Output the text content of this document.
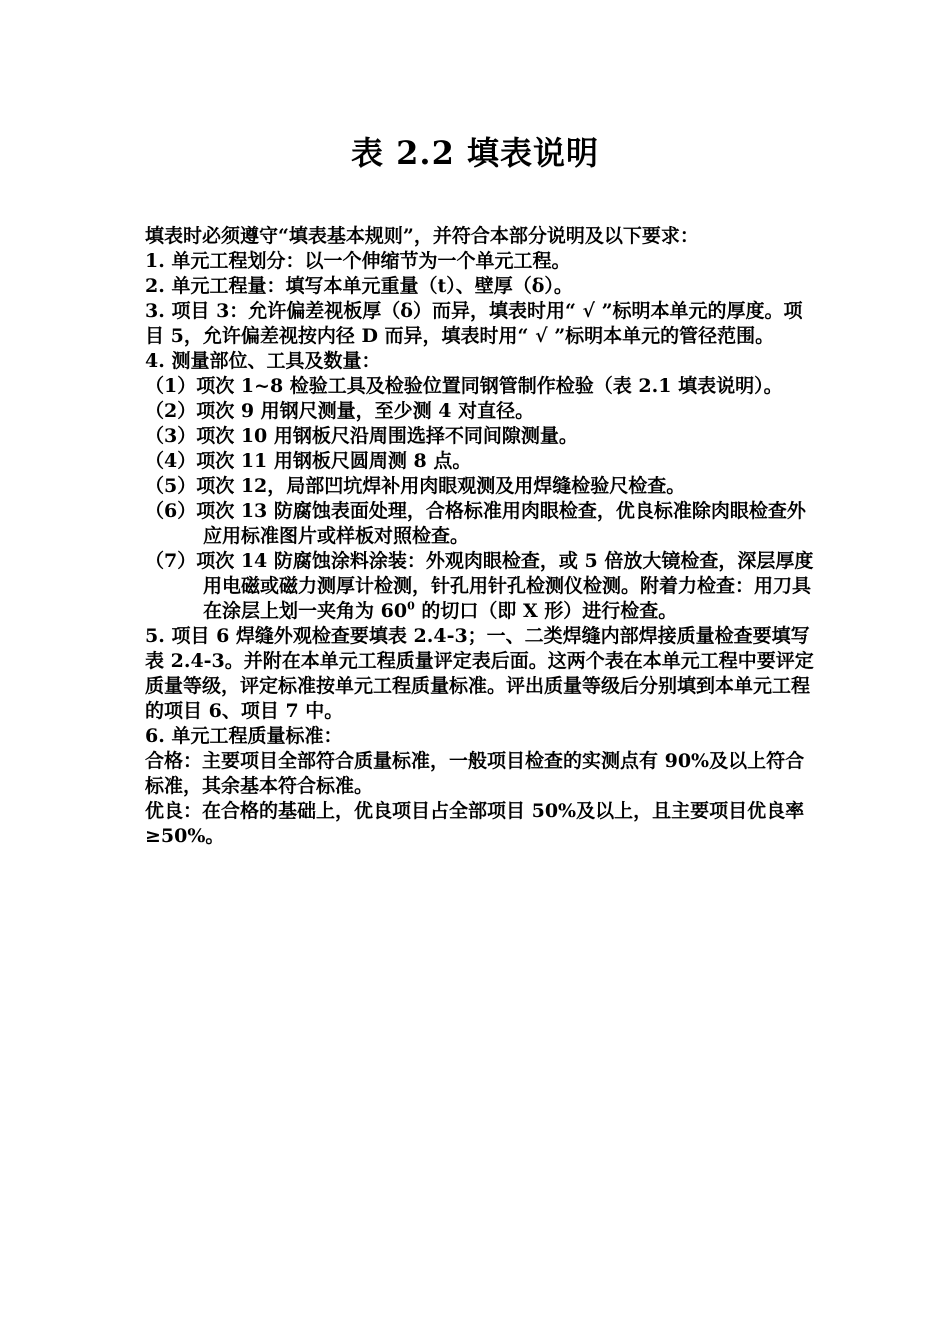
表 2.2 填表说明

填表时必须遵守“填表基本规则”，并符合本部分说明及以下要求：

1. 单元工程划分：以一个伸缩节为一个单元工程。

2. 单元工程量：填写本单元重量（t）、壁厚（δ）。

3. 项目 3：允许偏差视板厚（δ）而异，填表时用“ √ ”标明本单元的厚度。项目 5，允许偏差视按内径 D 而异，填表时用“ √ ”标明本单元的管径范围。

4. 测量部位、工具及数量：

（1）项次 1~8 检验工具及检验位置同钢管制作检验（表 2.1 填表说明）。

（2）项次 9 用钢尺测量，至少测 4 对直径。

（3）项次 10 用钢板尺沿周围选择不同间隙测量。

（4）项次 11 用钢板尺圆周测 8 点。

（5）项次 12，局部凹坑焊补用肉眼观测及用焊缝检验尺检查。

（6）项次 13 防腐蚀表面处理，合格标准用肉眼检查，优良标准除肉眼检查外应用标准图片或样板对照检查。

（7）项次 14 防腐蚀涂料涂装：外观肉眼检查，或 5 倍放大镜检查，深层厚度用电磁或磁力测厚计检测，针孔用针孔检测仪检测。附着力检查：用刀具在涂层上划一夹角为 $60^0$ 的切口（即 X 形）进行检查。

5. 项目 6 焊缝外观检查要填表 2.4-3；一、二类焊缝内部焊接质量检查要填写表 2.4-3。并附在本单元工程质量评定表后面。这两个表在本单元工程中要评定质量等级，评定标准按单元工程质量标准。评出质量等级后分别填到本单元工程的项目 6、项目 7 中。

6. 单元工程质量标准：

合格：主要项目全部符合质量标准，一般项目检查的实测点有 90%及以上符合标准，其余基本符合标准。

优良：在合格的基础上，优良项目占全部项目 50%及以上，且主要项目优良率≥50%。
